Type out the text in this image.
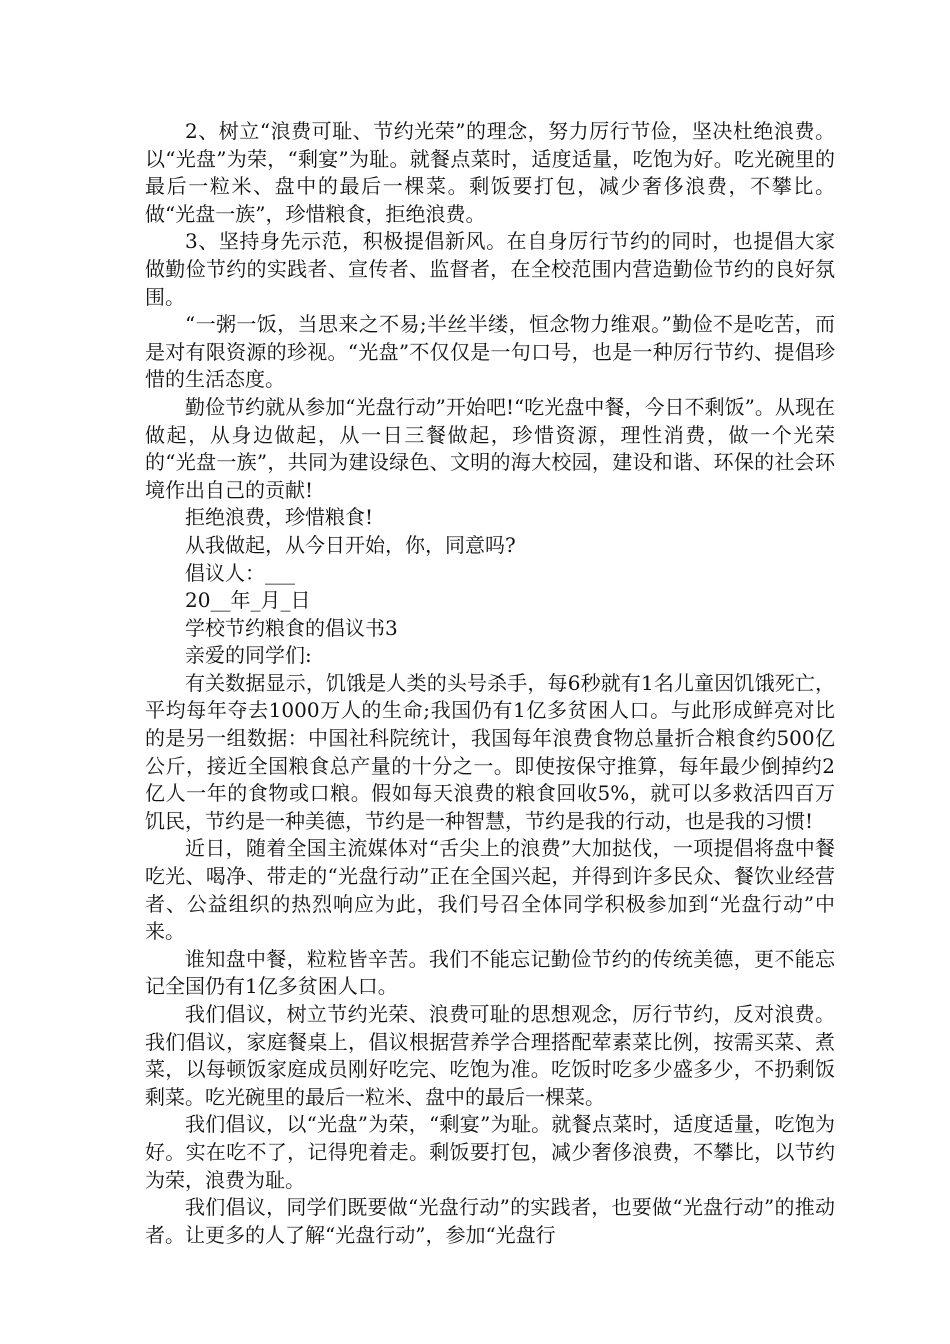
2、树立“浪费可耻、节约光荣”的理念，努力厉行节俭，坚决杜绝浪费。以“光盘”为荣，“剩宴”为耻。就餐点菜时，适度适量，吃饱为好。吃光碗里的最后一粒米、盘中的最后一棵菜。剩饭要打包，减少奢侈浪费，不攀比。做“光盘一族”，珍惜粮食，拒绝浪费。

3、坚持身先示范，积极提倡新风。在自身厉行节约的同时，也提倡大家做勤俭节约的实践者、宣传者、监督者，在全校范围内营造勤俭节约的良好氛围。

“一粥一饭，当思来之不易;半丝半缕，恒念物力维艰。”勤俭不是吃苦，而是对有限资源的珍视。“光盘”不仅仅是一句口号，也是一种厉行节约、提倡珍惜的生活态度。

勤俭节约就从参加“光盘行动”开始吧!“吃光盘中餐，今日不剩饭”。从现在做起，从身边做起，从一日三餐做起，珍惜资源，理性消费，做一个光荣的“光盘一族”，共同为建设绿色、文明的海大校园，建设和谐、环保的社会环境作出自己的贡献!

拒绝浪费，珍惜粮食!

从我做起，从今日开始，你，同意吗?

倡议人：___

20__年_月_日

学校节约粮食的倡议书3

亲爱的同学们:

有关数据显示，饥饿是人类的头号杀手，每6秒就有1名儿童因饥饿死亡，平均每年夺去1000万人的生命;我国仍有1亿多贫困人口。与此形成鲜亮对比的是另一组数据：中国社科院统计，我国每年浪费食物总量折合粮食约500亿公斤，接近全国粮食总产量的十分之一。即使按保守推算，每年最少倒掉约2亿人一年的食物或口粮。假如每天浪费的粮食回收5%，就可以多救活四百万饥民，节约是一种美德，节约是一种智慧，节约是我的行动，也是我的习惯!

近日，随着全国主流媒体对“舌尖上的浪费”大加挞伐，一项提倡将盘中餐吃光、喝净、带走的“光盘行动”正在全国兴起，并得到许多民众、餐饮业经营者、公益组织的热烈响应为此，我们号召全体同学积极参加到“光盘行动”中来。

谁知盘中餐，粒粒皆辛苦。我们不能忘记勤俭节约的传统美德，更不能忘记全国仍有1亿多贫困人口。

我们倡议，树立节约光荣、浪费可耻的思想观念，厉行节约，反对浪费。我们倡议，家庭餐桌上，倡议根据营养学合理搭配荤素菜比例，按需买菜、煮菜，以每顿饭家庭成员刚好吃完、吃饱为准。吃饭时吃多少盛多少，不扔剩饭剩菜。吃光碗里的最后一粒米、盘中的最后一棵菜。

我们倡议，以“光盘”为荣，“剩宴”为耻。就餐点菜时，适度适量，吃饱为好。实在吃不了，记得兜着走。剩饭要打包，减少奢侈浪费，不攀比，以节约为荣，浪费为耻。

我们倡议，同学们既要做“光盘行动”的实践者，也要做“光盘行动”的推动者。让更多的人了解“光盘行动”，参加“光盘行
